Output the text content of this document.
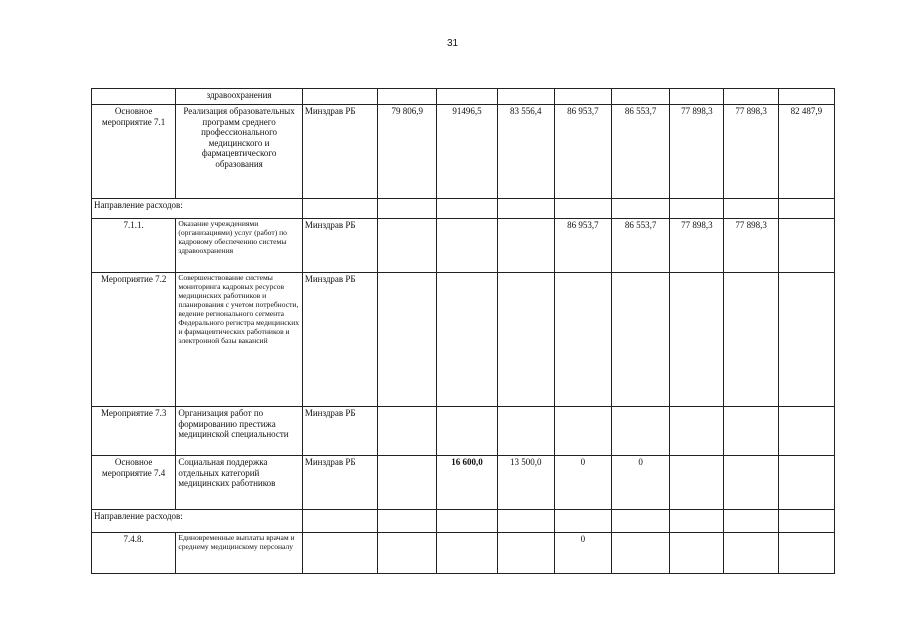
31
	здравоохранения									
Основное мероприятие 7.1	Реализация образовательных программ среднего профессионального медицинского и фармацевтического образования	Минздрав РБ	79 806,9	91496,5	83 556,4	86 953,7	86 553,7	77 898,3	77 898,3	82 487,9
Направление расходов:										
7.1.1.	Оказание учреждениями (организациями) услуг (работ) по кадровому обеспечению системы здравоохранения	Минздрав РБ				86 953,7	86 553,7	77 898,3	77 898,3	
Мероприятие 7.2	Совершенствование системы мониторинга кадровых ресурсов медицинских работников и планирования с учетом потребности, ведение регионального сегмента Федерального регистра медицинских и фармацевтических работников и электронной базы вакансий	Минздрав РБ								
Мероприятие 7.3	Организация работ по формированию престижа медицинской специальности	Минздрав РБ								
Основное мероприятие 7.4	Социальная поддержка отдельных категорий медицинских работников	Минздрав РБ		16 600,0	13 500,0	0	0			
Направление расходов:										
7.4.8.	Единовременные выплаты врачам и среднему медицинскому персоналу					0				
